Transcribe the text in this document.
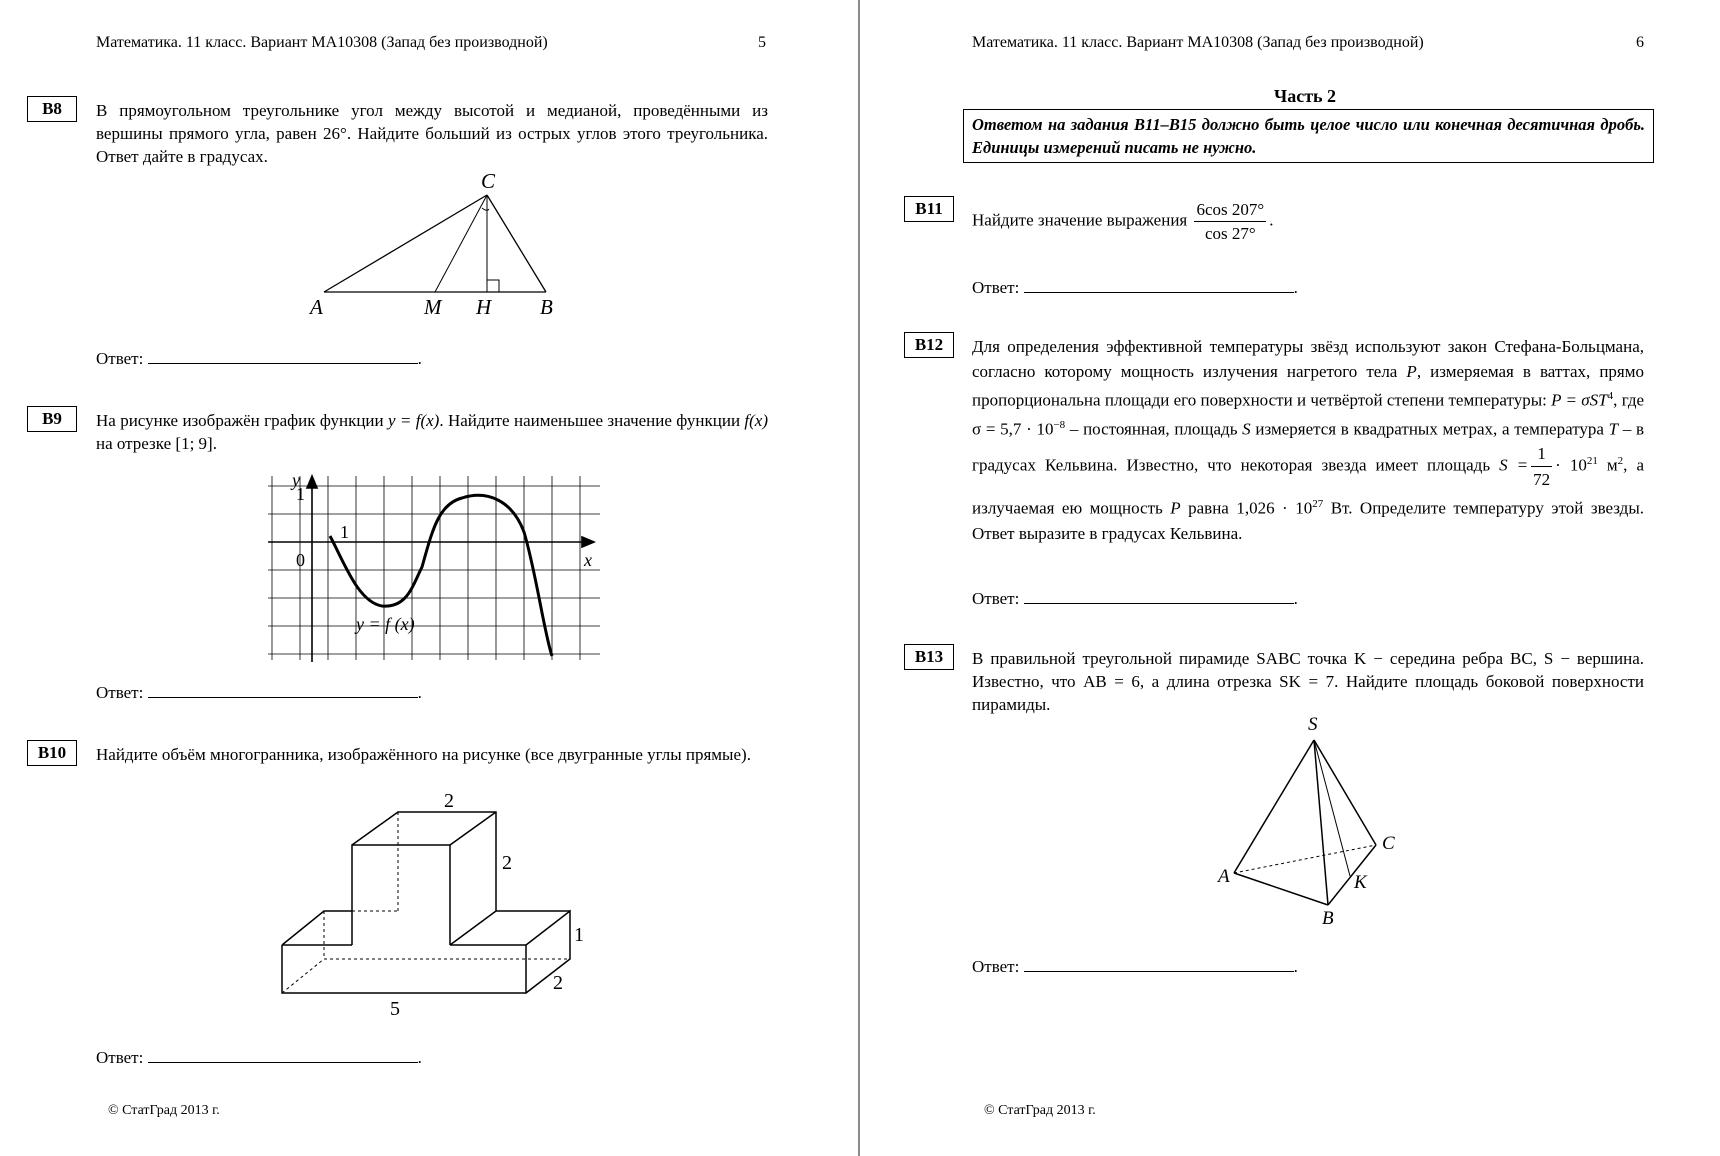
Математика. 11 класс. Вариант МА10308 (Запад без производной)	5
B8	В прямоугольном треугольнике угол между высотой и медианой, проведёнными из вершины прямого угла, равен 26°. Найдите больший из острых углов этого треугольника. Ответ дайте в градусах.
A	M H B
C
Ответ:	.
B9	На рисунке изображён график функции y = f(x). Найдите наименьшее значение функции f(x) на отрезке [1; 9].
y
x
0
1
1
y = f (x)
Ответ:	.
B10	Найдите объём многогранника, изображённого на рисунке (все двугранные углы прямые).
2
2
1
2
5
Ответ:	.
© СтатГрад 2013 г.
Математика. 11 класс. Вариант МА10308 (Запад без производной)	6
Часть 2
Ответом на задания B11–B15 должно быть целое число или конечная десятичная дробь. Единицы измерений писать не нужно.
B11
Найдите значение выражения $\frac{6\cos 207^\circ}{\cos 27^\circ}$ .
Ответ:	.
B12	Для определения эффективной температуры звёзд используют закон Стефана-Больцмана, согласно которому мощность излучения нагретого тела P, измеряемая в ваттах, прямо пропорциональна площади его поверхности и четвёртой степени температуры: P = σST$^4$, где $\sigma = 5,7 \cdot 10^{-8}$ – постоянная, площадь S измеряется в квадратных метрах, а температура T – в градусах Кельвина. Известно, что некоторая звезда имеет площадь $S = \frac{1}{72} \cdot 10^{21}$ $м^2$, а излучаемая ею мощность P равна $1,026 \cdot 10^{27}$ Вт. Определите температуру этой звезды. Ответ выразите в градусах Кельвина.
Ответ:	.
B13	В правильной треугольной пирамиде SABC точка K − середина ребра BC, S − вершина. Известно, что AB = 6, а длина отрезка SK = 7. Найдите площадь боковой поверхности пирамиды.
S
A
B
C
K
Ответ:	.
© СтатГрад 2013 г.
